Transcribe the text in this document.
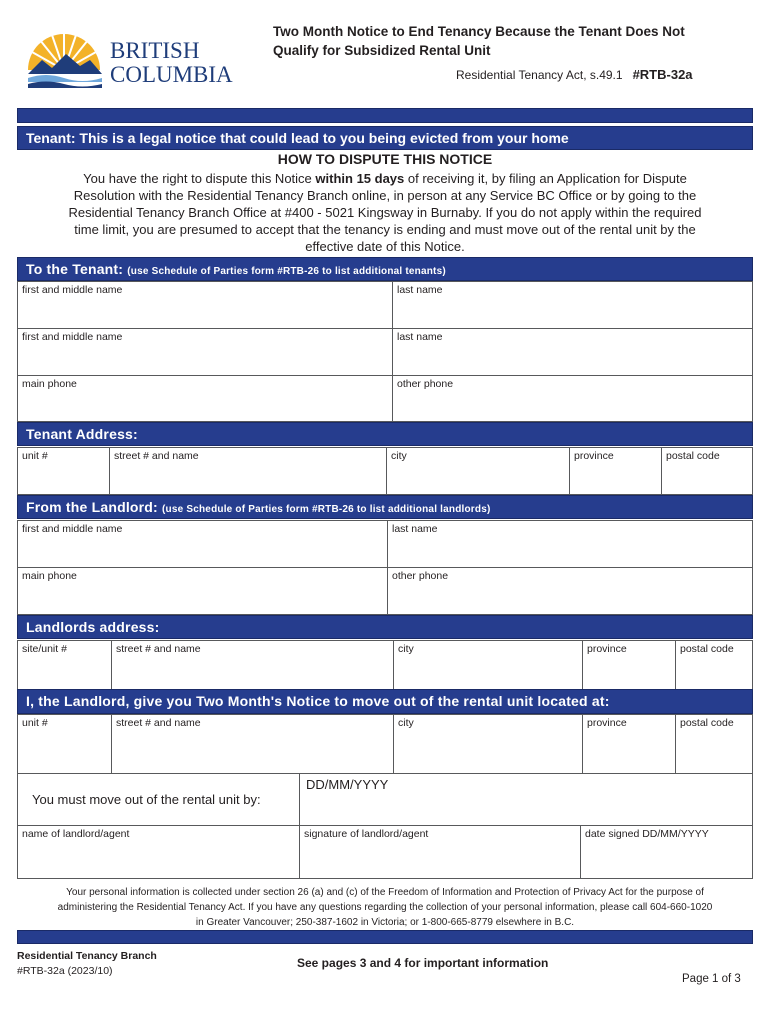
BRITISH
COLUMBIA
Two Month Notice to End Tenancy Because the Tenant Does Not
Qualify for Subsidized Rental Unit
Residential Tenancy Act, s.49.1 #RTB-32a
Tenant: This is a legal notice that could lead to you being evicted from your home
HOW TO DISPUTE THIS NOTICE
You have the right to dispute this Notice within 15 days of receiving it, by filing an Application for Dispute
Resolution with the Residential Tenancy Branch online, in person at any Service BC Office or by going to the
Residential Tenancy Branch Office at #400 - 5021 Kingsway in Burnaby. If you do not apply within the required
time limit, you are presumed to accept that the tenancy is ending and must move out of the rental unit by the
effective date of this Notice.
To the Tenant: (use Schedule of Parties form #RTB-26 to list additional tenants)
first and middle name	last name
first and middle name	last name
main phone	other phone
Tenant Address:
unit #	street # and name	city	province	postal code
From the Landlord: (use Schedule of Parties form #RTB-26 to list additional landlords)
first and middle name	last name
main phone	other phone
Landlords address:
site/unit #	street # and name	city	province	postal code
I, the Landlord, give you Two Month's Notice to move out of the rental unit located at:
unit #	street # and name	city	province	postal code
You must move out of the rental unit by:
DD/MM/YYYY
name of landlord/agent	signature of landlord/agent	date signed DD/MM/YYYY
Your personal information is collected under section 26 (a) and (c) of the Freedom of Information and Protection of Privacy Act for the purpose of
administering the Residential Tenancy Act. If you have any questions regarding the collection of your personal information, please call 604-660-1020
in Greater Vancouver; 250-387-1602 in Victoria; or 1-800-665-8779 elsewhere in B.C.
Residential Tenancy Branch
#RTB-32a (2023/10)
See pages 3 and 4 for important information
Page 1 of 3
